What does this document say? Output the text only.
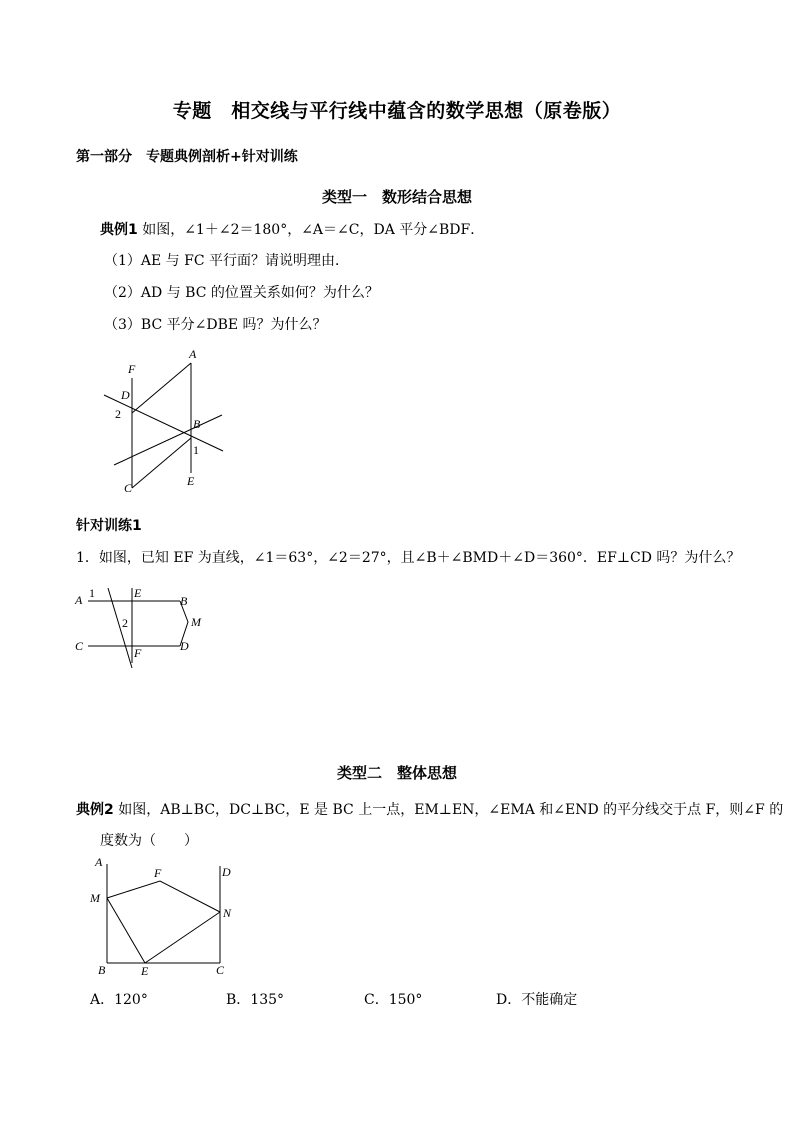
专题　相交线与平行线中蕴含的数学思想（原卷版）
第一部分　专题典例剖析+针对训练
类型一　数形结合思想
典例1 如图，∠1＋∠2＝180°，∠A＝∠C，DA 平分∠BDF．
（1）AE 与 FC 平行面？请说明理由．
（2）AD 与 BC 的位置关系如何？为什么？
（3）BC 平分∠DBE 吗？为什么？
A
F
D
2
B
1
C	E
针对训练1
1．如图，已知 EF 为直线，∠1＝63°，∠2＝27°，且∠B＋∠BMD＋∠D＝360°．EF⊥CD 吗？为什么？
A 1	E
B
2	M
C	F	D
类型二　整体思想
典例2 如图，AB⊥BC，DC⊥BC，E 是 BC 上一点，EM⊥EN，∠EMA 和∠END 的平分线交于点 F，则∠F 的
度数为（　　）
A
F	D
M
N
B	E	C
A．120°	B．135°	C．150°	D．不能确定
